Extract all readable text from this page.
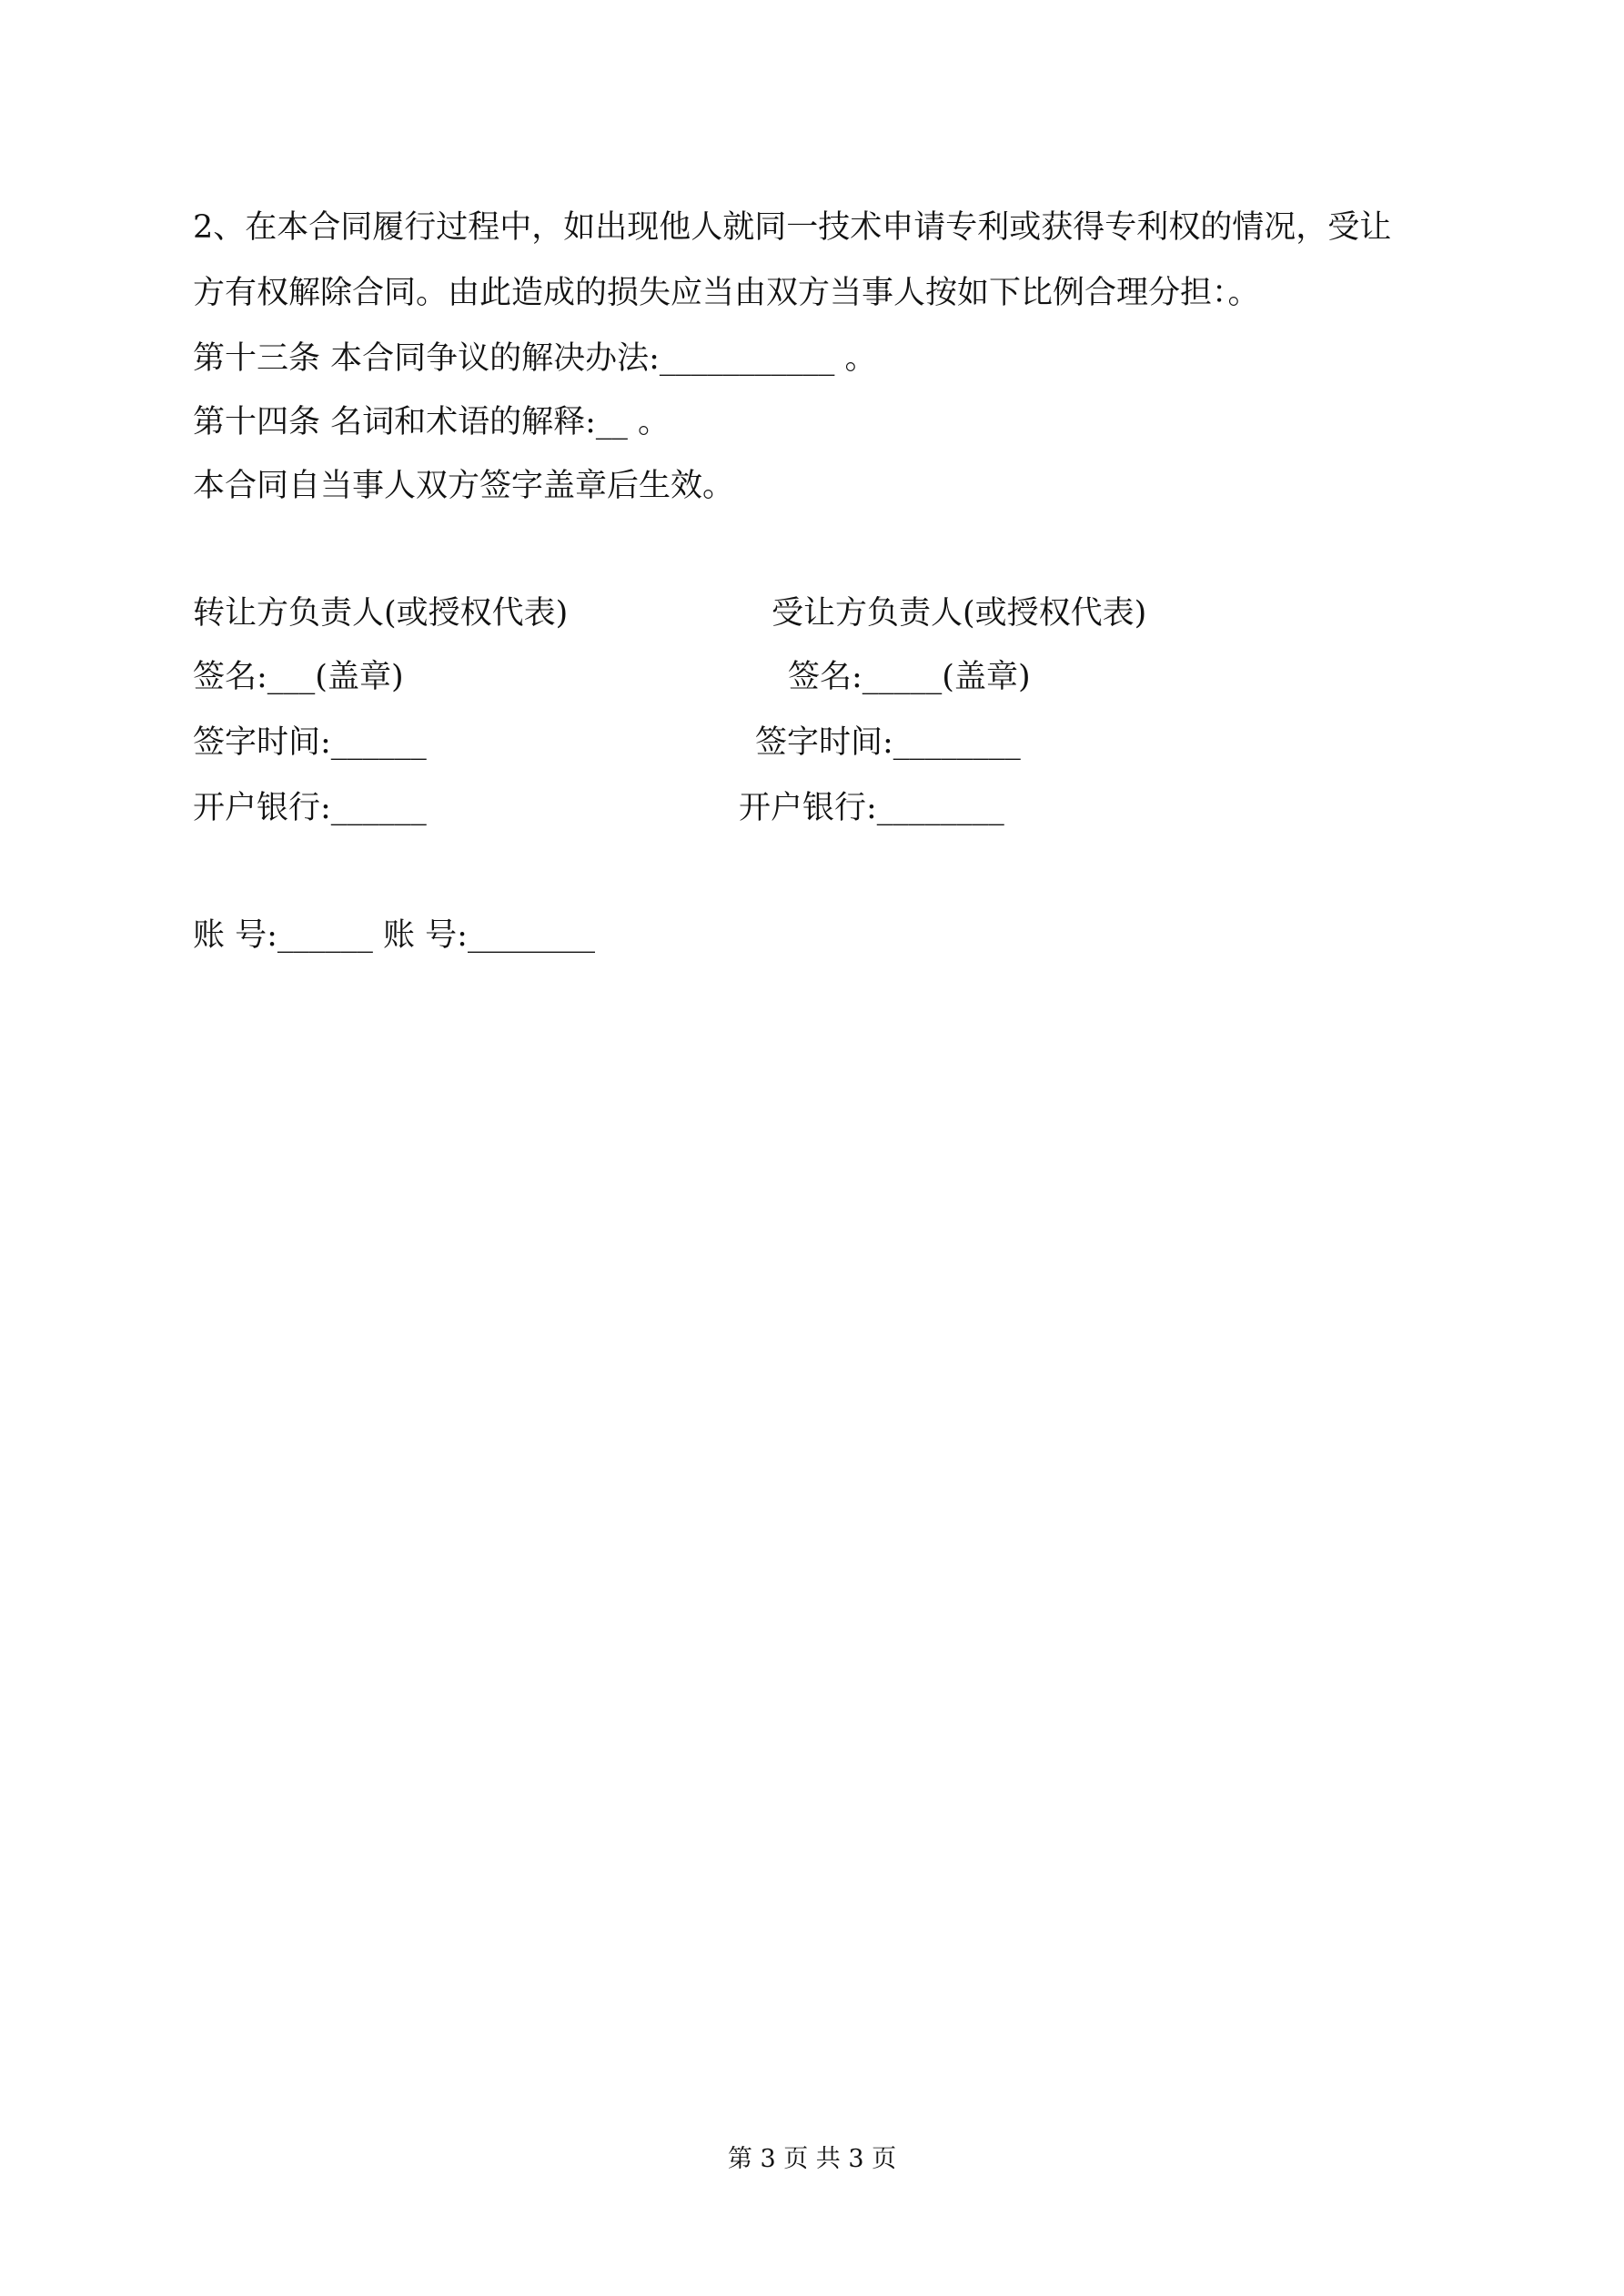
2、在本合同履行过程中，如出现他人就同一技术申请专利或获得专利权的情况，受让
方有权解除合同。由此造成的损失应当由双方当事人按如下比例合理分担：。
第十三条 本合同争议的解决办法:___________ 。
第十四条 名词和术语的解释:__ 。
本合同自当事人双方签字盖章后生效。
转让方负责人(或授权代表)
签名:___(盖章)
签字时间:______
开户银行:______
受让方负责人(或授权代表)
签名:_____(盖章)
签字时间:________
开户银行:________
账 号:______ 账 号:________
第 3 页 共 3 页
